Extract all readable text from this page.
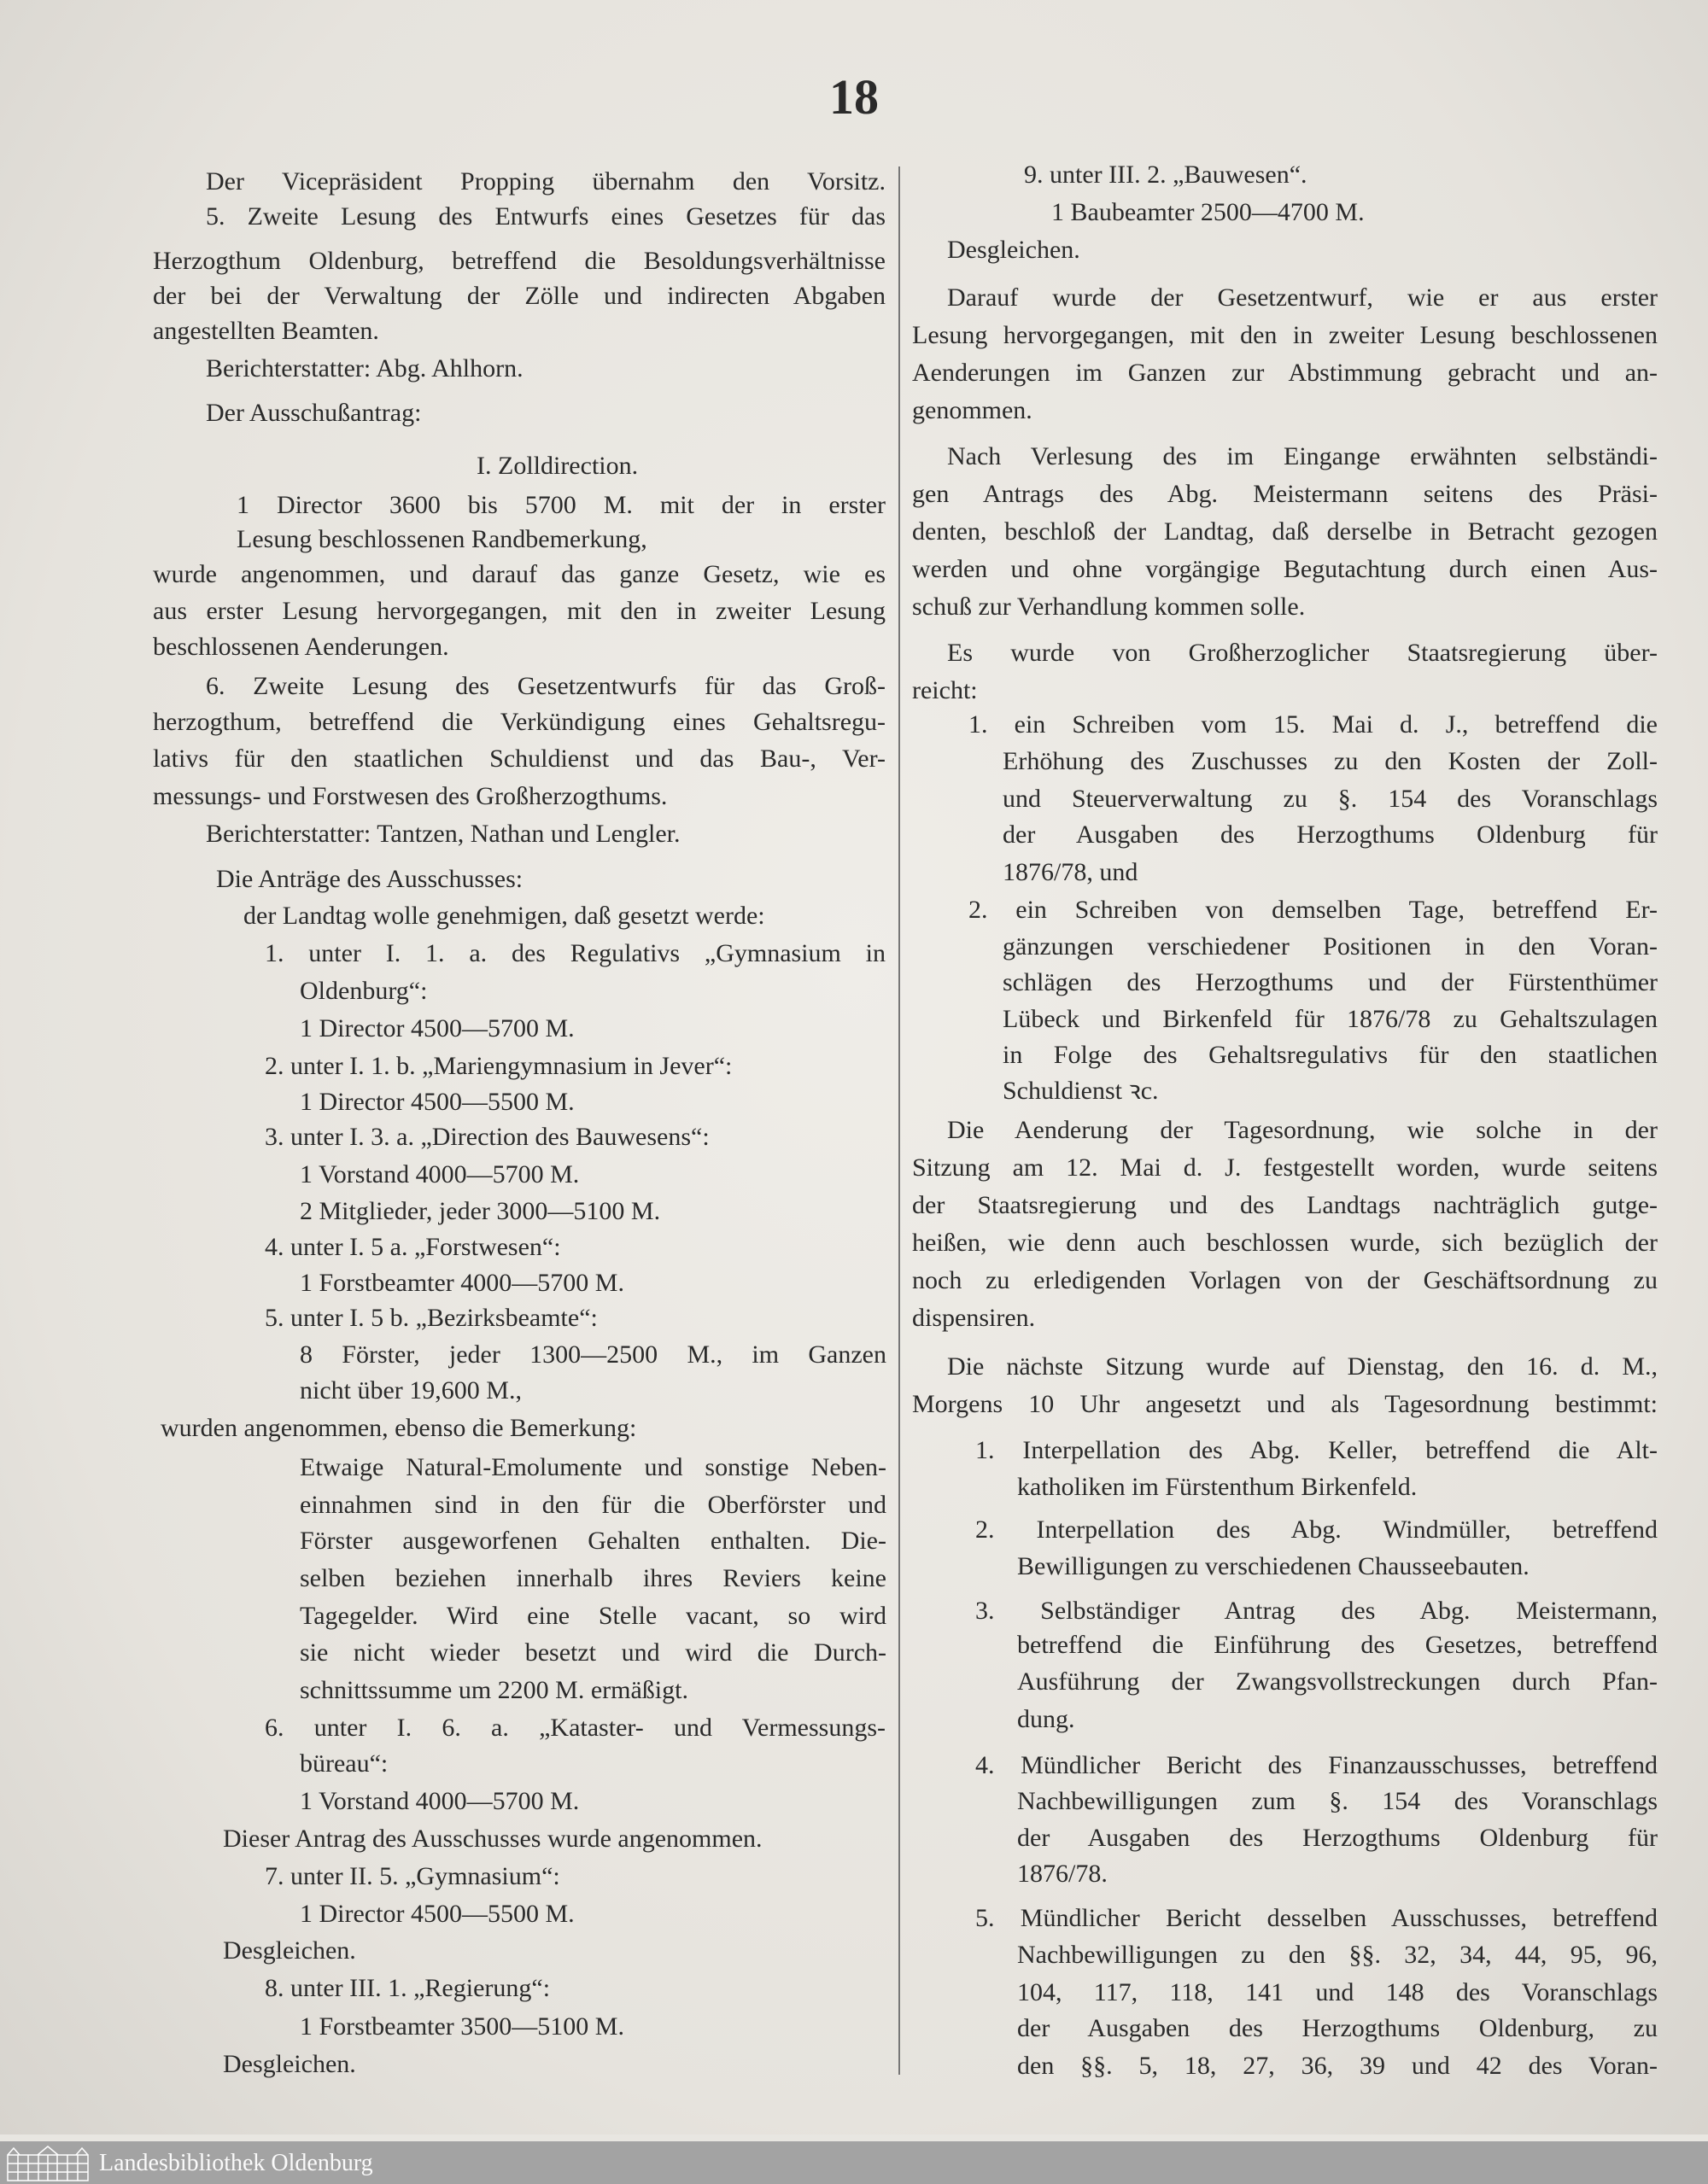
18
Der Vicepräsident Propping übernahm den Vorsitz.
5. Zweite Lesung des Entwurfs eines Gesetzes für das
Herzogthum Oldenburg, betreffend die Besoldungsverhältnisse
der bei der Verwaltung der Zölle und indirecten Abgaben
angestellten Beamten.
Berichterstatter: Abg. Ahlhorn.
Der Ausschußantrag:
I. Zolldirection.
1 Director 3600 bis 5700 M. mit der in erster
Lesung beschlossenen Randbemerkung,
wurde angenommen, und darauf das ganze Gesetz, wie es
aus erster Lesung hervorgegangen, mit den in zweiter Lesung
beschlossenen Aenderungen.
6. Zweite Lesung des Gesetzentwurfs für das Groß-
herzogthum, betreffend die Verkündigung eines Gehaltsregu-
lativs für den staatlichen Schuldienst und das Bau-, Ver-
messungs- und Forstwesen des Großherzogthums.
Berichterstatter: Tantzen, Nathan und Lengler.
Die Anträge des Ausschusses:
der Landtag wolle genehmigen, daß gesetzt werde:
1. unter I. 1. a. des Regulativs „Gymnasium in
Oldenburg“:
1 Director 4500—5700 M.
2. unter I. 1. b. „Mariengymnasium in Jever“:
1 Director 4500—5500 M.
3. unter I. 3. a. „Direction des Bauwesens“:
1 Vorstand 4000—5700 M.
2 Mitglieder, jeder 3000—5100 M.
4. unter I. 5 a. „Forstwesen“:
1 Forstbeamter 4000—5700 M.
5. unter I. 5 b. „Bezirksbeamte“:
8 Förster, jeder 1300—2500 M., im Ganzen
nicht über 19,600 M.,
wurden angenommen, ebenso die Bemerkung:
Etwaige Natural-Emolumente und sonstige Neben-
einnahmen sind in den für die Oberförster und
Förster ausgeworfenen Gehalten enthalten. Die-
selben beziehen innerhalb ihres Reviers keine
Tagegelder. Wird eine Stelle vacant, so wird
sie nicht wieder besetzt und wird die Durch-
schnittssumme um 2200 M. ermäßigt.
6. unter I. 6. a. „Kataster- und Vermessungs-
büreau“:
1 Vorstand 4000—5700 M.
Dieser Antrag des Ausschusses wurde angenommen.
7. unter II. 5. „Gymnasium“:
1 Director 4500—5500 M.
Desgleichen.
8. unter III. 1. „Regierung“:
1 Forstbeamter 3500—5100 M.
Desgleichen.
9. unter III. 2. „Bauwesen“.
1 Baubeamter 2500—4700 M.
Desgleichen.
Darauf wurde der Gesetzentwurf, wie er aus erster
Lesung hervorgegangen, mit den in zweiter Lesung beschlossenen
Aenderungen im Ganzen zur Abstimmung gebracht und an-
genommen.
Nach Verlesung des im Eingange erwähnten selbständi-
gen Antrags des Abg. Meistermann seitens des Präsi-
denten, beschloß der Landtag, daß derselbe in Betracht gezogen
werden und ohne vorgängige Begutachtung durch einen Aus-
schuß zur Verhandlung kommen solle.
Es wurde von Großherzoglicher Staatsregierung über-
reicht:
1. ein Schreiben vom 15. Mai d. J., betreffend die
Erhöhung des Zuschusses zu den Kosten der Zoll-
und Steuerverwaltung zu §. 154 des Voranschlags
der Ausgaben des Herzogthums Oldenburg für
1876/78, und
2. ein Schreiben von demselben Tage, betreffend Er-
gänzungen verschiedener Positionen in den Voran-
schlägen des Herzogthums und der Fürstenthümer
Lübeck und Birkenfeld für 1876/78 zu Gehaltszulagen
in Folge des Gehaltsregulativs für den staatlichen
Schuldienst ꝛc.
Die Aenderung der Tagesordnung, wie solche in der
Sitzung am 12. Mai d. J. festgestellt worden, wurde seitens
der Staatsregierung und des Landtags nachträglich gutge-
heißen, wie denn auch beschlossen wurde, sich bezüglich der
noch zu erledigenden Vorlagen von der Geschäftsordnung zu
dispensiren.
Die nächste Sitzung wurde auf Dienstag, den 16. d. M.,
Morgens 10 Uhr angesetzt und als Tagesordnung bestimmt:
1. Interpellation des Abg. Keller, betreffend die Alt-
katholiken im Fürstenthum Birkenfeld.
2. Interpellation des Abg. Windmüller, betreffend
Bewilligungen zu verschiedenen Chausseebauten.
3. Selbständiger Antrag des Abg. Meistermann,
betreffend die Einführung des Gesetzes, betreffend
Ausführung der Zwangsvollstreckungen durch Pfan-
dung.
4. Mündlicher Bericht des Finanzausschusses, betreffend
Nachbewilligungen zum §. 154 des Voranschlags
der Ausgaben des Herzogthums Oldenburg für
1876/78.
5. Mündlicher Bericht desselben Ausschusses, betreffend
Nachbewilligungen zu den §§. 32, 34, 44, 95, 96,
104, 117, 118, 141 und 148 des Voranschlags
der Ausgaben des Herzogthums Oldenburg, zu
den §§. 5, 18, 27, 36, 39 und 42 des Voran-
Landesbibliothek Oldenburg
